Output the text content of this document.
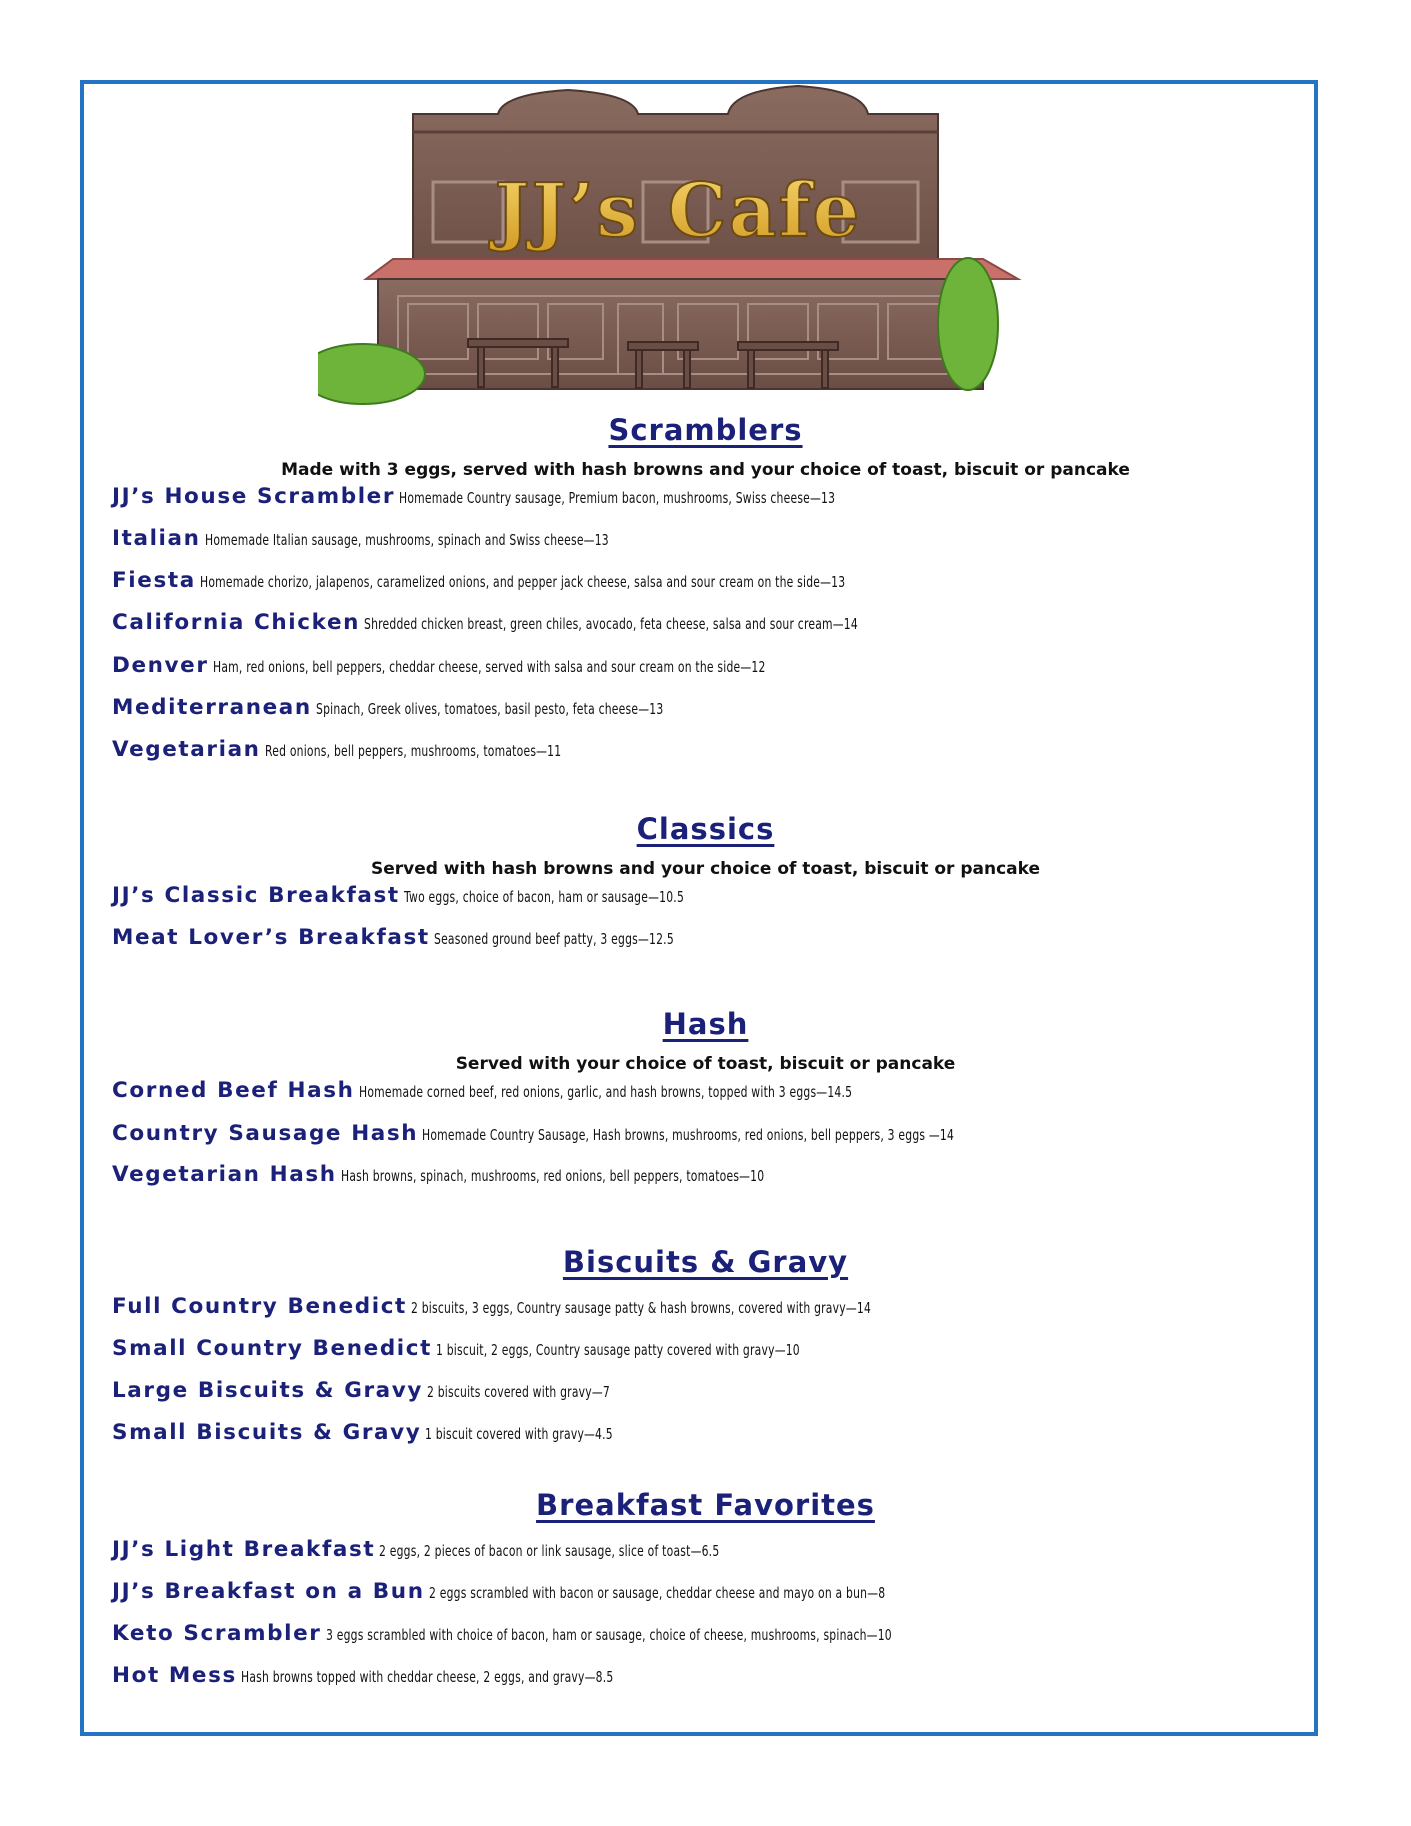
JJ’s Cafe
Scramblers

Made with 3 eggs, served with hash browns and your choice of toast, biscuit or pancake

JJ’s House Scrambler Homemade Country sausage, Premium bacon, mushrooms, Swiss cheese—13
Italian Homemade Italian sausage, mushrooms, spinach and Swiss cheese—13
Fiesta Homemade chorizo, jalapenos, caramelized onions, and pepper jack cheese, salsa and sour cream on the side—13
California Chicken Shredded chicken breast, green chiles, avocado, feta cheese, salsa and sour cream—14
Denver Ham, red onions, bell peppers, cheddar cheese, served with salsa and sour cream on the side—12
Mediterranean Spinach, Greek olives, tomatoes, basil pesto, feta cheese—13
Vegetarian Red onions, bell peppers, mushrooms, tomatoes—11
Classics

Served with hash browns and your choice of toast, biscuit or pancake

JJ’s Classic Breakfast Two eggs, choice of bacon, ham or sausage—10.5
Meat Lover’s Breakfast Seasoned ground beef patty, 3 eggs—12.5
Hash

Served with your choice of toast, biscuit or pancake

Corned Beef Hash Homemade corned beef, red onions, garlic, and hash browns, topped with 3 eggs—14.5
Country Sausage Hash Homemade Country Sausage, Hash browns, mushrooms, red onions, bell peppers, 3 eggs —14
Vegetarian Hash Hash browns, spinach, mushrooms, red onions, bell peppers, tomatoes—10
Biscuits & Gravy
Full Country Benedict 2 biscuits, 3 eggs, Country sausage patty & hash browns, covered with gravy—14
Small Country Benedict 1 biscuit, 2 eggs, Country sausage patty covered with gravy—10
Large Biscuits & Gravy 2 biscuits covered with gravy—7
Small Biscuits & Gravy 1 biscuit covered with gravy—4.5
Breakfast Favorites
JJ’s Light Breakfast 2 eggs, 2 pieces of bacon or link sausage, slice of toast—6.5
JJ’s Breakfast on a Bun 2 eggs scrambled with bacon or sausage, cheddar cheese and mayo on a bun—8
Keto Scrambler 3 eggs scrambled with choice of bacon, ham or sausage, choice of cheese, mushrooms, spinach—10
Hot Mess Hash browns topped with cheddar cheese, 2 eggs, and gravy—8.5
